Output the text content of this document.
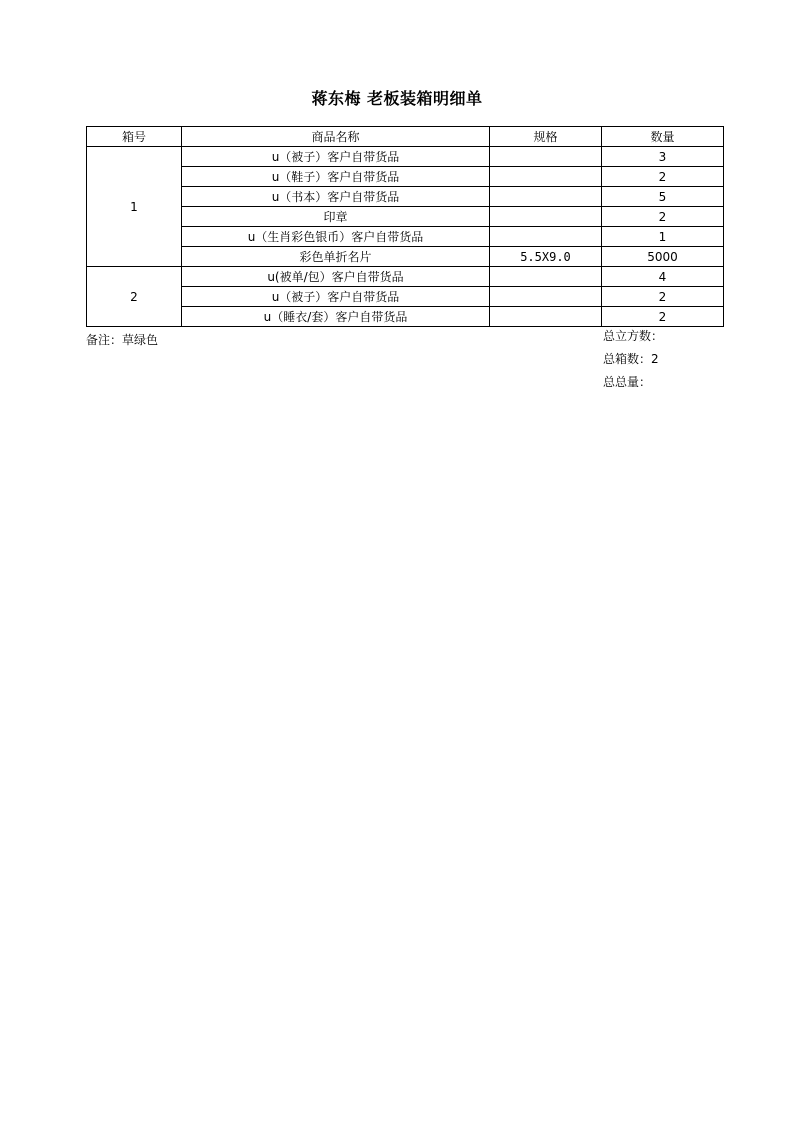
蒋东梅 老板装箱明细单
箱号	商品名称	规格	数量
1	u（被子）客户自带货品		3
	u（鞋子）客户自带货品		2
	u（书本）客户自带货品		5
	印章		2
	u（生肖彩色银币）客户自带货品		1
	彩色单折名片	5.5X9.0	5000
2	u(被单/包）客户自带货品		4
	u（被子）客户自带货品		2
	u（睡衣/套）客户自带货品		2
备注：草绿色	总立方数：
总箱数：2
总总量：
